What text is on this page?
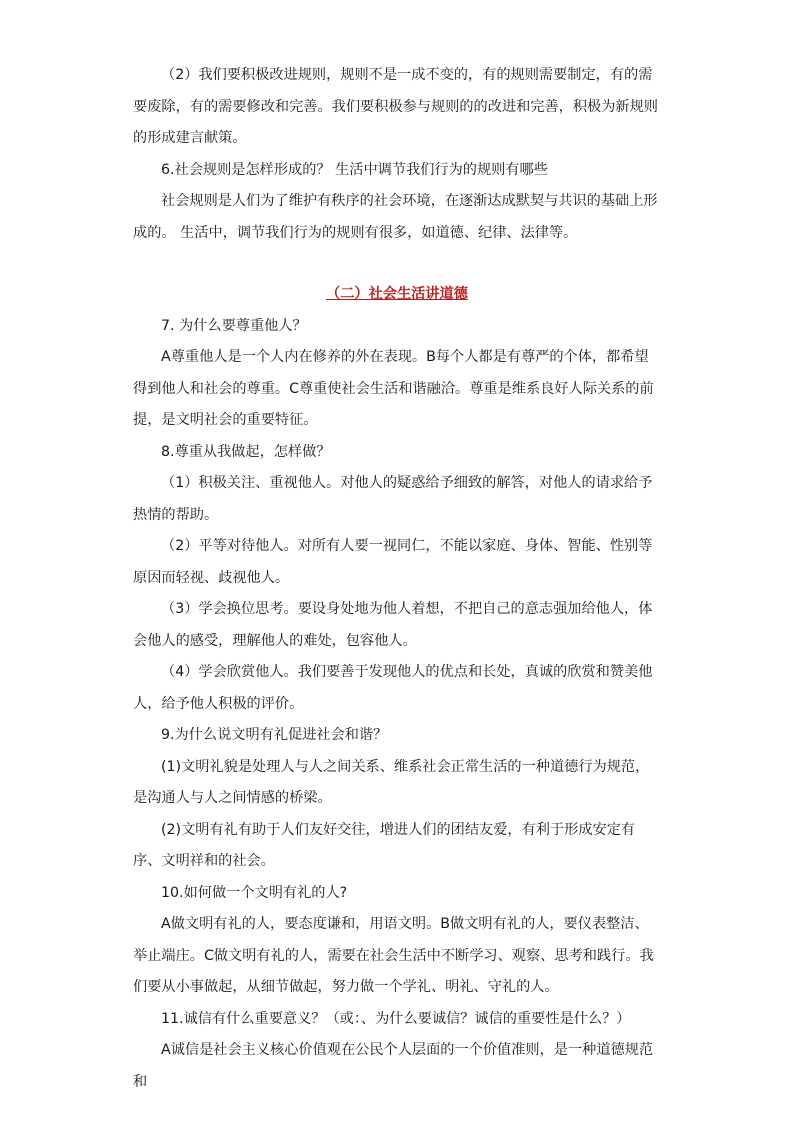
（2）我们要积极改进规则，规则不是一成不变的，有的规则需要制定，有的需要废除，有的需要修改和完善。我们要积极参与规则的的改进和完善，积极为新规则的形成建言献策。

6.社会规则是怎样形成的？ 生活中调节我们行为的规则有哪些

社会规则是人们为了维护有秩序的社会环境，在逐渐达成默契与共识的基础上形成的。 生活中，调节我们行为的规则有很多，如道德、纪律、法律等。

（二）社会生活讲道德

7. 为什么要尊重他人？

A尊重他人是一个人内在修养的外在表现。B每个人都是有尊严的个体，都希望得到他人和社会的尊重。C尊重使社会生活和谐融洽。尊重是维系良好人际关系的前提，是文明社会的重要特征。

8.尊重从我做起，怎样做？

（1）积极关注、重视他人。对他人的疑惑给予细致的解答，对他人的请求给予热情的帮助。

（2）平等对待他人。对所有人要一视同仁，不能以家庭、身体、智能、性别等原因而轻视、歧视他人。

（3）学会换位思考。要设身处地为他人着想，不把自己的意志强加给他人，体会他人的感受，理解他人的难处，包容他人。

（4）学会欣赏他人。我们要善于发现他人的优点和长处，真诚的欣赏和赞美他人，给予他人积极的评价。

9.为什么说文明有礼促进社会和谐？

(1)文明礼貌是处理人与人之间关系、维系社会正常生活的一种道德行为规范，是沟通人与人之间情感的桥梁。

(2)文明有礼有助于人们友好交往，增进人们的团结友爱，有利于形成安定有序、文明祥和的社会。

10.如何做一个文明有礼的人?

A做文明有礼的人，要态度谦和，用语文明。B做文明有礼的人，要仪表整洁、举止端庄。C做文明有礼的人，需要在社会生活中不断学习、观察、思考和践行。我们要从小事做起，从细节做起，努力做一个学礼、明礼、守礼的人。

11.诚信有什么重要意义？（或：、为什么要诚信？诚信的重要性是什么？）

A诚信是社会主义核心价值观在公民个人层面的一个价值准则，是一种道德规范和
